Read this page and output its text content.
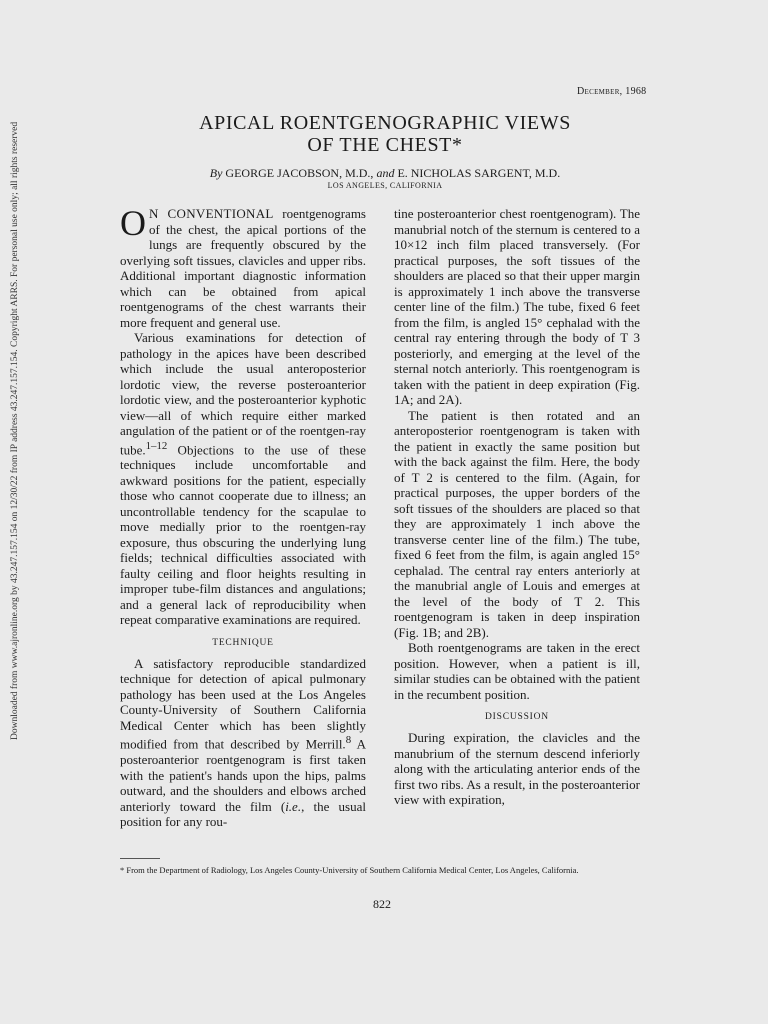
Downloaded from www.ajronline.org by 43.247.157.154 on 12/30/22 from IP address 43.247.157.154. Copyright ARRS. For personal use only; all rights reserved
December, 1968
APICAL ROENTGENOGRAPHIC VIEWS
OF THE CHEST*
By GEORGE JACOBSON, M.D., and E. NICHOLAS SARGENT, M.D.
LOS ANGELES, CALIFORNIA

O N CONVENTIONAL roentgenograms of the chest, the apical portions of the lungs are frequently obscured by the overlying soft tissues, clavicles and upper ribs. Additional important diagnostic information which can be obtained from apical roentgenograms of the chest warrants their more frequent and general use.

Various examinations for detection of pathology in the apices have been described which include the usual anteroposterior lordotic view, the reverse posteroanterior lordotic view, and the posteroanterior kyphotic view—all of which require either marked angulation of the patient or of the roentgen-ray tube.$^{1-12}$ Objections to the use of these techniques include uncomfortable and awkward positions for the patient, especially those who cannot cooperate due to illness; an uncontrollable tendency for the scapulae to move medially prior to the roentgen-ray exposure, thus obscuring the underlying lung fields; technical difficulties associated with faulty ceiling and floor heights resulting in improper tube-film distances and angulations; and a general lack of reproducibility when repeat comparative examinations are required.

TECHNIQUE

A satisfactory reproducible standardized technique for detection of apical pulmonary pathology has been used at the Los Angeles County-University of Southern California Medical Center which has been slightly modified from that described by Merrill.$^8$ A posteroanterior roentgenogram is first taken with the patient's hands upon the hips, palms outward, and the shoulders and elbows arched anteriorly toward the film (i.e., the usual position for any rou-

tine posteroanterior chest roentgenogram). The manubrial notch of the sternum is centered to a 10×12 inch film placed transversely. (For practical purposes, the soft tissues of the shoulders are placed so that their upper margin is approximately 1 inch above the transverse center line of the film.) The tube, fixed 6 feet from the film, is angled 15° cephalad with the central ray entering through the body of T 3 posteriorly, and emerging at the level of the sternal notch anteriorly. This roentgenogram is taken with the patient in deep expiration (Fig. 1A; and 2A).

The patient is then rotated and an anteroposterior roentgenogram is taken with the patient in exactly the same position but with the back against the film. Here, the body of T 2 is centered to the film. (Again, for practical purposes, the upper borders of the soft tissues of the shoulders are placed so that they are approximately 1 inch above the transverse center line of the film.) The tube, fixed 6 feet from the film, is again angled 15° cephalad. The central ray enters anteriorly at the manubrial angle of Louis and emerges at the level of the body of T 2. This roentgenogram is taken in deep inspiration (Fig. 1B; and 2B).

Both roentgenograms are taken in the erect position. However, when a patient is ill, similar studies can be obtained with the patient in the recumbent position.

DISCUSSION

During expiration, the clavicles and the manubrium of the sternum descend inferiorly along with the articulating anterior ends of the first two ribs. As a result, in the posteroanterior view with expiration,

* From the Department of Radiology, Los Angeles County-University of Southern California Medical Center, Los Angeles, California.
822
